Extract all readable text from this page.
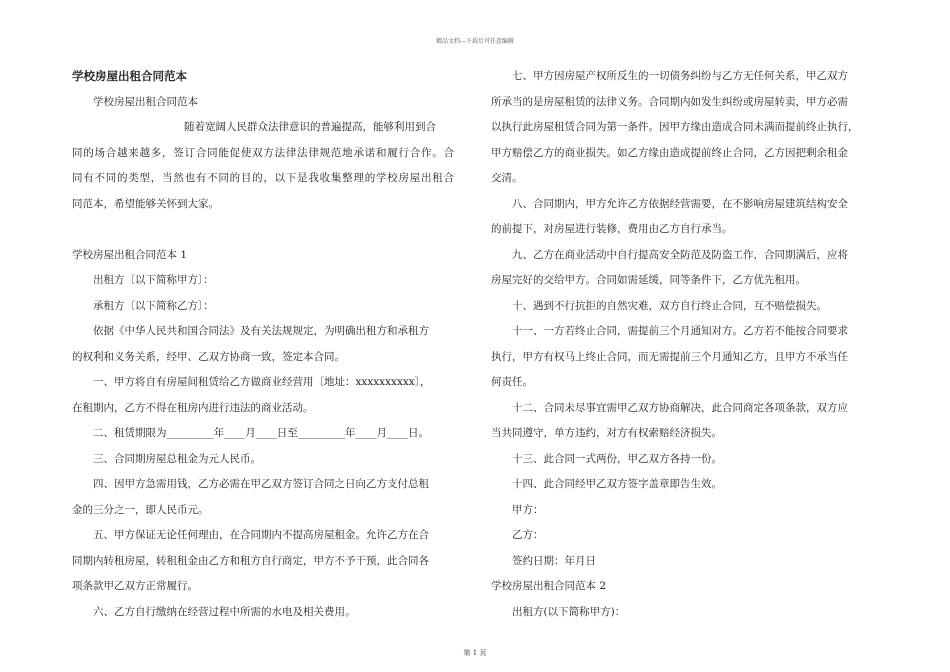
精品文档---下载后可任意编辑
学校房屋出租合同范本
学校房屋出租合同范本
随着宽阔人民群众法律意识的普遍提高，能够利用到合
同的场合越来越多，签订合同能促使双方法律法律规范地承诺和履行合作。合
同有不同的类型，当然也有不同的目的，以下是我收集整理的学校房屋出租合
同范本，希望能够关怀到大家。
学校房屋出租合同范本 1
出租方〔以下简称甲方〕：
承租方〔以下简称乙方〕：
依据《中华人民共和国合同法》及有关法规规定，为明确出租方和承租方
的权利和义务关系，经甲、乙双方协商一致，签定本合同。
一、甲方将自有房屋间租赁给乙方做商业经营用〔地址：xxxxxxxxxx〕，
在租期内，乙方不得在租房内进行违法的商业活动。
二、租赁期限为_________年____月____日至_________年____月____日。
三、合同期房屋总租金为元人民币。
四、因甲方急需用钱，乙方必需在甲乙双方签订合同之日向乙方支付总租
金的三分之一，即人民币元。
五、甲方保证无论任何理由，在合同期内不提高房屋租金。允许乙方在合
同期内转租房屋，转租租金由乙方和租方自行商定，甲方不予干预，此合同各
项条款甲乙双方正常履行。
六、乙方自行缴纳在经营过程中所需的水电及相关费用。
七、甲方因房屋产权所反生的一切债务纠纷与乙方无任何关系，甲乙双方
所承当的是房屋租赁的法律义务。合同期内如发生纠纷或房屋转卖，甲方必需
以执行此房屋租赁合同为第一条件。因甲方缘由造成合同未满而提前终止执行，
甲方赔偿乙方的商业损失。如乙方缘由造成提前终止合同，乙方因把剩余租金
交清。
八、合同期内，甲方允许乙方依据经营需要，在不影响房屋建筑结构安全
的前提下，对房屋进行装修，费用由乙方自行承当。
九、乙方在商业活动中自行提高安全防范及防盗工作，合同期满后，应将
房屋完好的交给甲方。合同如需延缓，同等条件下，乙方优先租用。
十、遇到不行抗拒的自然灾难，双方自行终止合同，互不赔偿损失。
十一、一方若终止合同，需提前三个月通知对方。乙方若不能按合同要求
执行，甲方有权马上终止合同，而无需提前三个月通知乙方，且甲方不承当任
何责任。
十二、合同未尽事宜需甲乙双方协商解决，此合同商定各项条款，双方应
当共同遵守，单方违约，对方有权索赔经济损失。
十三、此合同一式两份，甲乙双方各持一份。
十四、此合同经甲乙双方签字盖章即告生效。
甲方：
乙方：
签约日期：年月日
学校房屋出租合同范本 2
出租方(以下简称甲方)：
第 1 页
